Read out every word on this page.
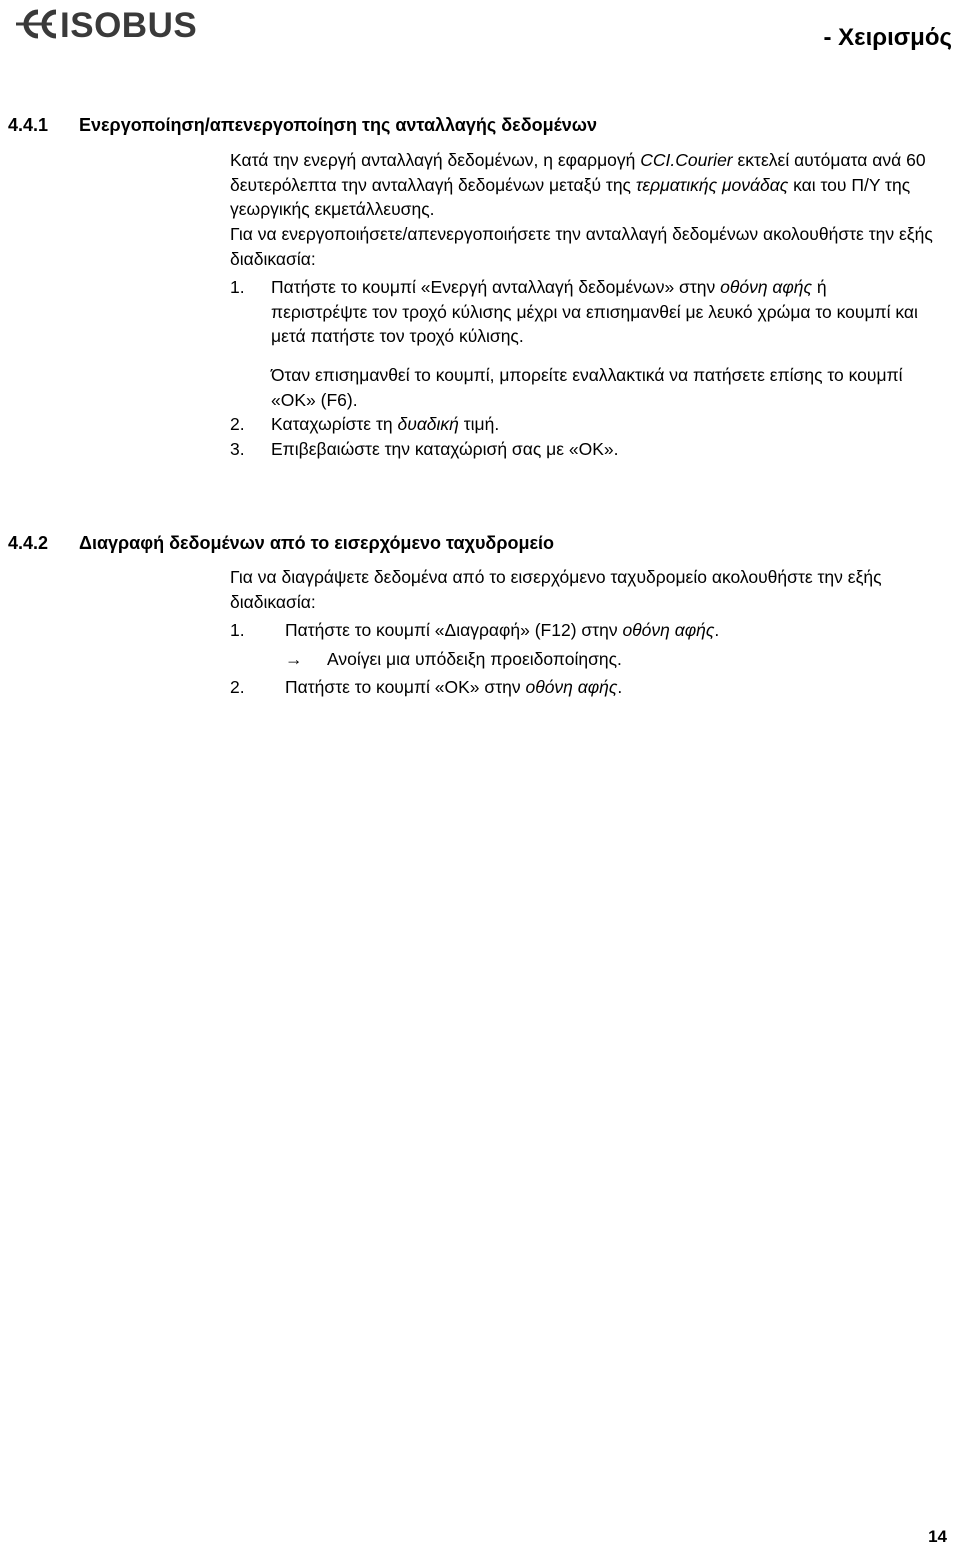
ISOBUS	- Χειρισμός
4.4.1 Ενεργοποίηση/απενεργοποίηση της ανταλλαγής δεδομένων
Κατά την ενεργή ανταλλαγή δεδομένων, η εφαρμογή CCI.Courier εκτελεί αυτόματα ανά 60 δευτερόλεπτα την ανταλλαγή δεδομένων μεταξύ της τερματικής μονάδας και του Π/Υ της γεωργικής εκμετάλλευσης.
Για να ενεργοποιήσετε/απενεργοποιήσετε την ανταλλαγή δεδομένων ακολουθήστε την εξής διαδικασία:
1. Πατήστε το κουμπί «Ενεργή ανταλλαγή δεδομένων» στην οθόνη αφής ή περιστρέψτε τον τροχό κύλισης μέχρι να επισημανθεί με λευκό χρώμα το κουμπί και μετά πατήστε τον τροχό κύλισης.
Όταν επισημανθεί το κουμπί, μπορείτε εναλλακτικά να πατήσετε επίσης το κουμπί «OK» (F6).
2. Καταχωρίστε τη δυαδική τιμή.
3. Επιβεβαιώστε την καταχώρισή σας με «OK».
4.4.2 Διαγραφή δεδομένων από το εισερχόμενο ταχυδρομείο
Για να διαγράψετε δεδομένα από το εισερχόμενο ταχυδρομείο ακολουθήστε την εξής διαδικασία:
1. Πατήστε το κουμπί «Διαγραφή» (F12) στην οθόνη αφής.
→ Ανοίγει μια υπόδειξη προειδοποίησης.
2. Πατήστε το κουμπί «OK» στην οθόνη αφής.
14
